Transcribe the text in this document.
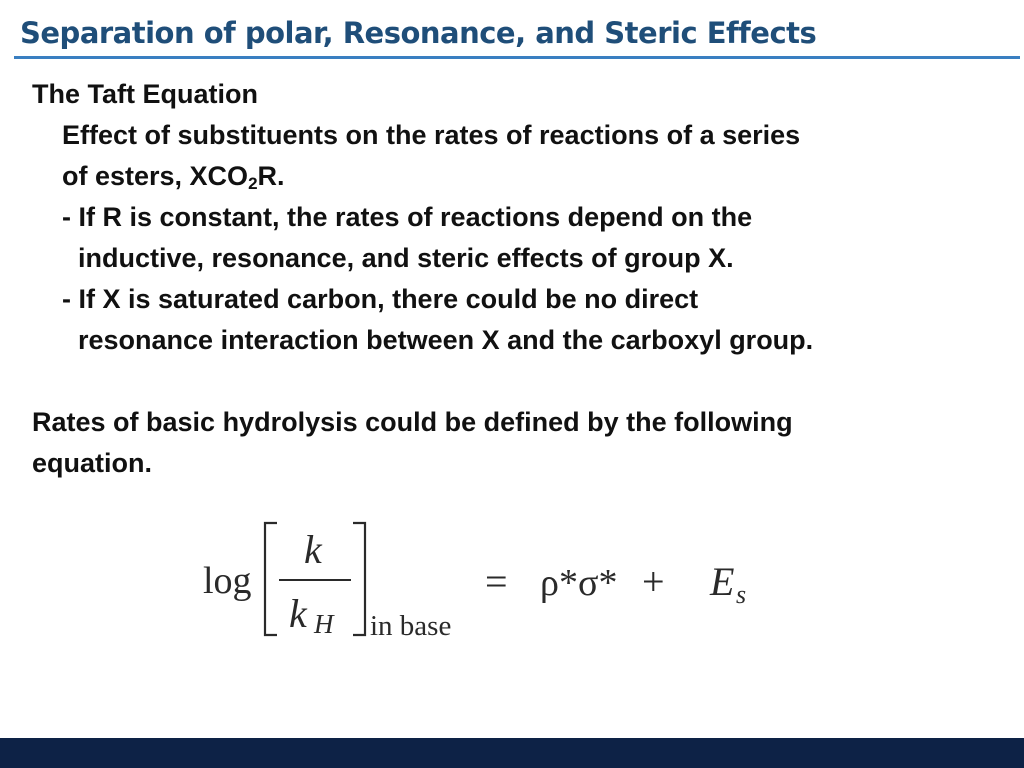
Separation of polar, Resonance, and Steric Effects
The Taft Equation
Effect of substituents on the rates of reactions of a series
of esters, $XCO_2R$.
- If R is constant, the rates of reactions depend on the
inductive, resonance, and steric effects of group X.
- If X is saturated carbon, there could be no direct
resonance interaction between X and the carboxyl group.
Rates of basic hydrolysis could be defined by the following
equation.
log
k
k H in base
= ρ*σ* + E s
